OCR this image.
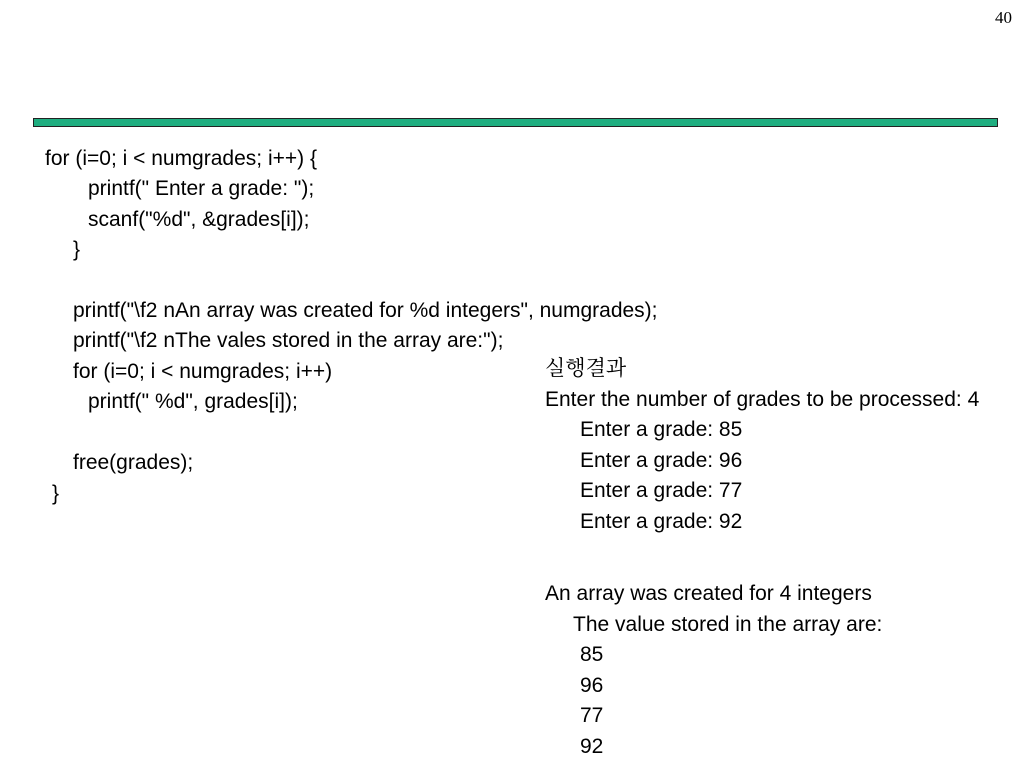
40
for (i=0; i < numgrades; i++) {
printf(" Enter a grade: ");
scanf("%d", &grades[i]);
}
printf("\f2 nAn array was created for %d integers", numgrades);
printf("\f2 nThe vales stored in the array are:");
for (i=0; i < numgrades; i++)
printf(" %d", grades[i]);
free(grades);
}
실행결과
Enter the number of grades to be processed: 4
Enter a grade: 85
Enter a grade: 96
Enter a grade: 77
Enter a grade: 92
An array was created for 4 integers
The value stored in the array are:
85
96
77
92
